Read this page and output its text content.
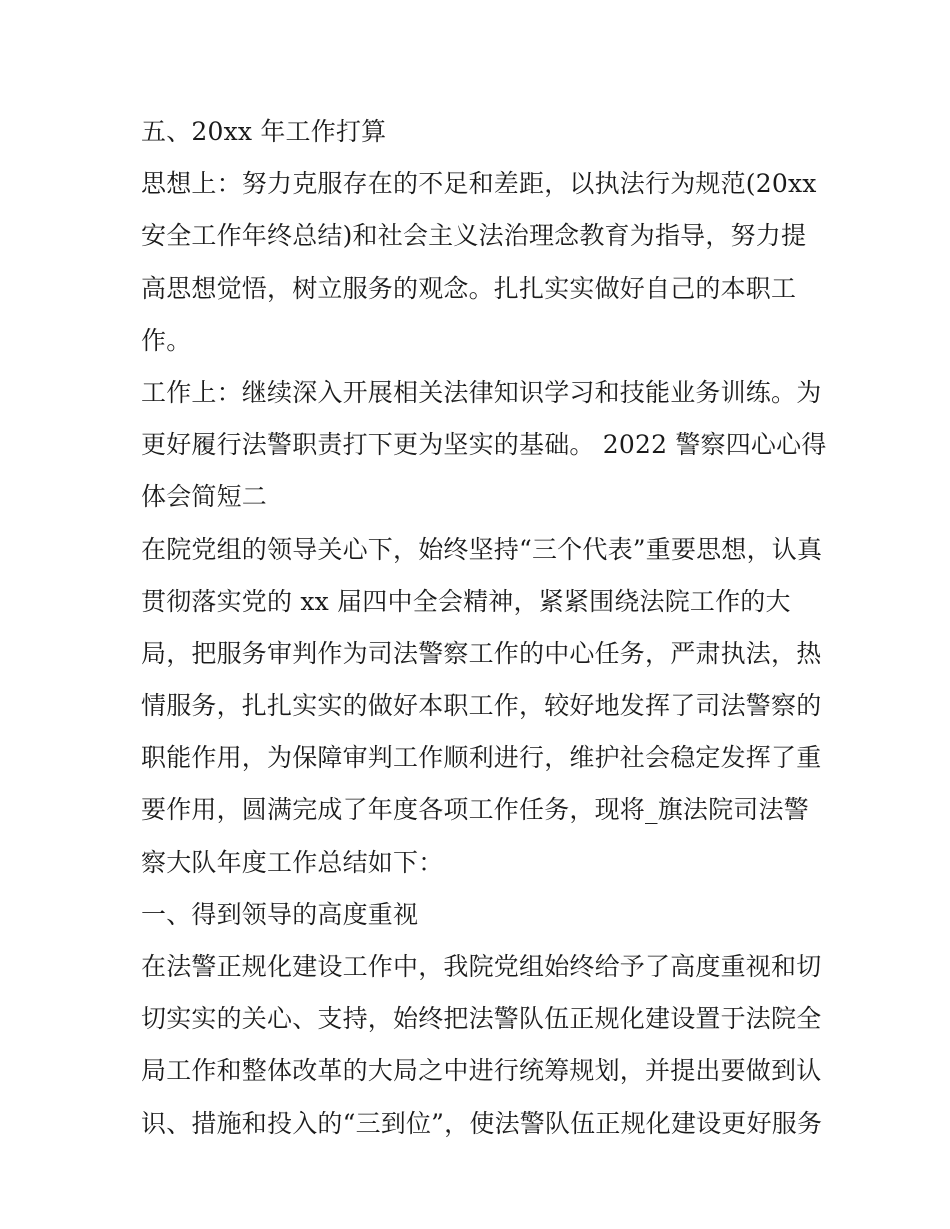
五、20xx 年工作打算
思想上：努力克服存在的不足和差距，以执法行为规范(20xx
安全工作年终总结)和社会主义法治理念教育为指导，努力提
高思想觉悟，树立服务的观念。扎扎实实做好自己的本职工
作。
工作上：继续深入开展相关法律知识学习和技能业务训练。为
更好履行法警职责打下更为坚实的基础。 2022 警察四心心得
体会简短二
在院党组的领导关心下，始终坚持“三个代表”重要思想，认真
贯彻落实党的 xx 届四中全会精神，紧紧围绕法院工作的大
局，把服务审判作为司法警察工作的中心任务，严肃执法，热
情服务，扎扎实实的做好本职工作，较好地发挥了司法警察的
职能作用，为保障审判工作顺利进行，维护社会稳定发挥了重
要作用，圆满完成了年度各项工作任务，现将_旗法院司法警
察大队年度工作总结如下：
一、得到领导的高度重视
在法警正规化建设工作中，我院党组始终给予了高度重视和切
切实实的关心、支持，始终把法警队伍正规化建设置于法院全
局工作和整体改革的大局之中进行统筹规划，并提出要做到认
识、措施和投入的“三到位”，使法警队伍正规化建设更好服务
